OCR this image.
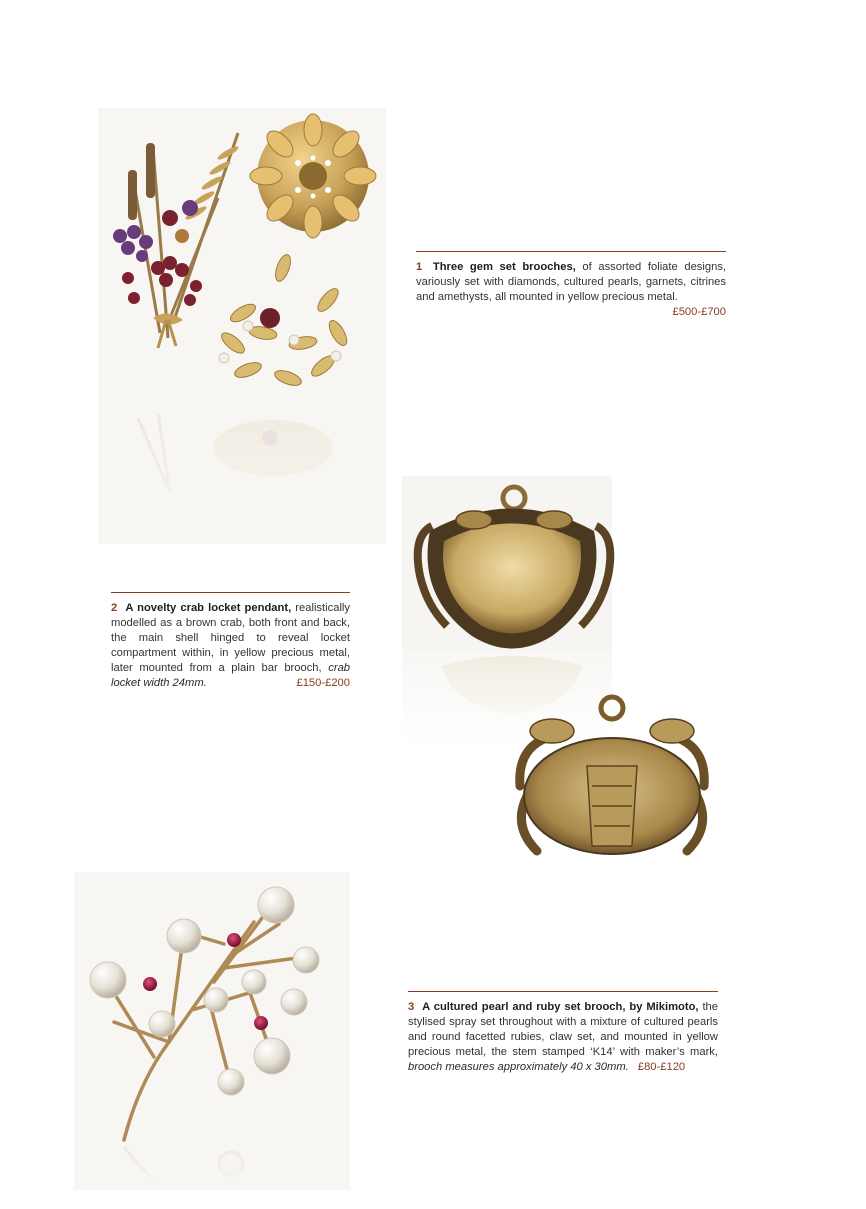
1 Three gem set brooches, of assorted foliate designs, variously set with diamonds, cultured pearls, garnets, citrines and amethysts, all mounted in yellow precious metal.
£500-£700
2 A novelty crab locket pendant, realistically modelled as a brown crab, both front and back, the main shell hinged to reveal locket compartment within, in yellow precious metal, later mounted from a plain bar brooch, crab locket width 24mm.	£150-£200
3 A cultured pearl and ruby set brooch, by Mikimoto, the stylised spray set throughout with a mixture of cultured pearls and round facetted rubies, claw set, and mounted in yellow precious metal, the stem stamped ‘K14’ with maker’s mark, brooch measures approximately 40 x 30mm. £80-£120
